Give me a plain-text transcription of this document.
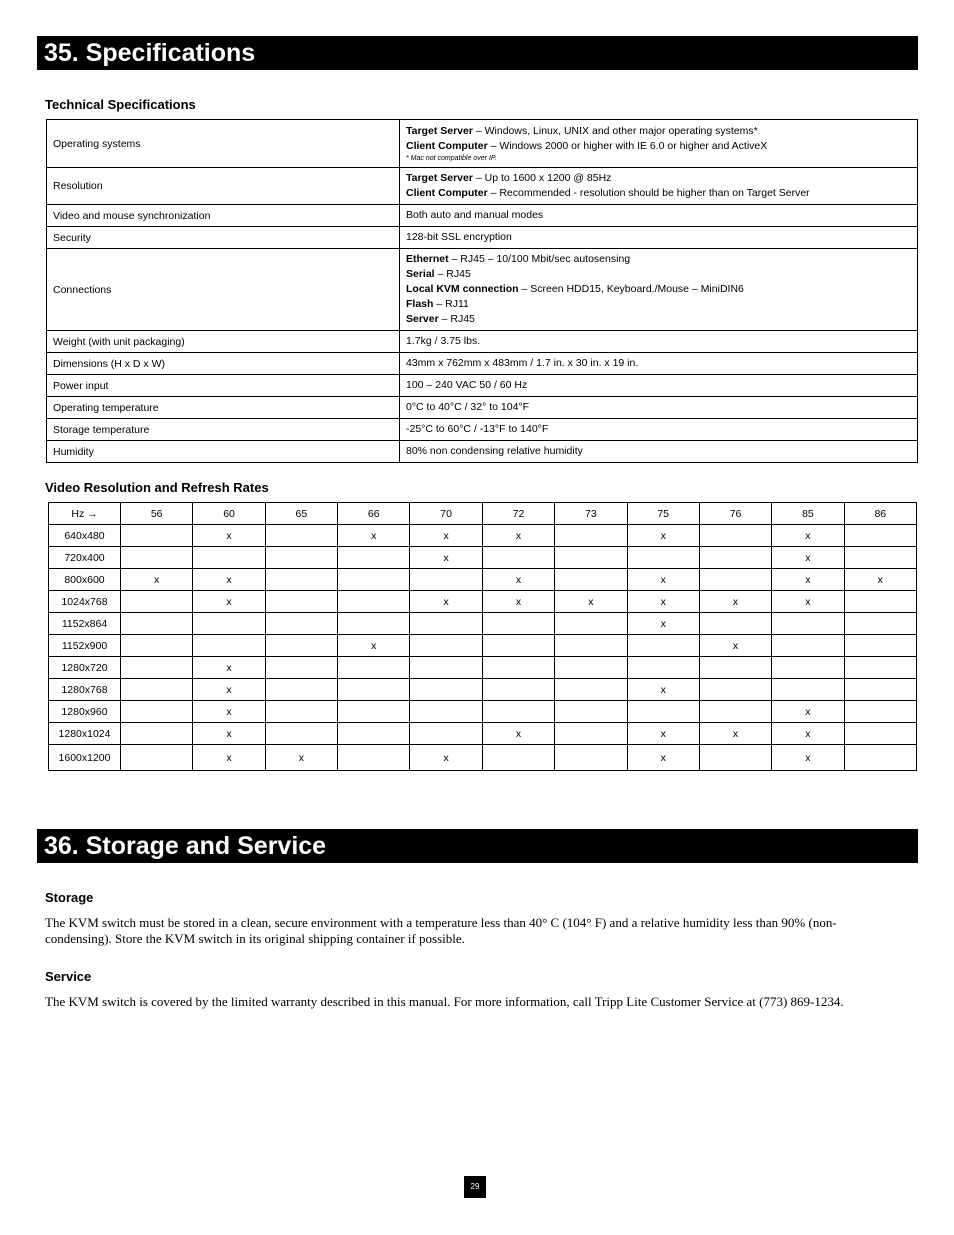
35. Specifications
Technical Specifications
Operating systems	Target Server – Windows, Linux, UNIX and other major operating systems*
Client Computer – Windows 2000 or higher with IE 6.0 or higher and ActiveX
* Mac not compatible over IP.

Resolution	Target Server – Up to 1600 x 1200 @ 85Hz
Client Computer – Recommended - resolution should be higher than on Target Server

Video and mouse synchronization	Both auto and manual modes

Security	128-bit SSL encryption

Connections	Ethernet – RJ45 – 10/100 Mbit/sec autosensing
Serial – RJ45
Local KVM connection – Screen HDD15, Keyboard./Mouse – MiniDIN6
Flash – RJ11
Server – RJ45

Weight (with unit packaging)	1.7kg / 3.75 lbs.

Dimensions (H x D x W)	43mm x 762mm x 483mm / 1.7 in. x 30 in. x 19 in.

Power input	100 – 240 VAC 50 / 60 Hz

Operating temperature	0°C to 40°C / 32° to 104°F

Storage temperature	-25°C to 60°C / -13°F to 140°F

Humidity	80% non condensing relative humidity
Video Resolution and Refresh Rates
Hz →	56	60	65	66	70	72	73	75	76	85	86
640x480		x		x	x	x		x		x	
720x400					x					x	
800x600	x	x				x		x		x	x
1024x768		x			x	x	x	x	x	x	
1152x864								x			
1152x900				x					x		
1280x720		x									
1280x768		x						x			
1280x960		x								x	
1280x1024		x				x		x	x	x	
1600x1200		x	x		x			x		x	
36. Storage and Service
Storage
The KVM switch must be stored in a clean, secure environment with a temperature less than 40° C (104° F) and a relative humidity less than 90% (non-condensing). Store the KVM switch in its original shipping container if possible.
Service
The KVM switch is covered by the limited warranty described in this manual. For more information, call Tripp Lite Customer Service at (773) 869-1234.
29
